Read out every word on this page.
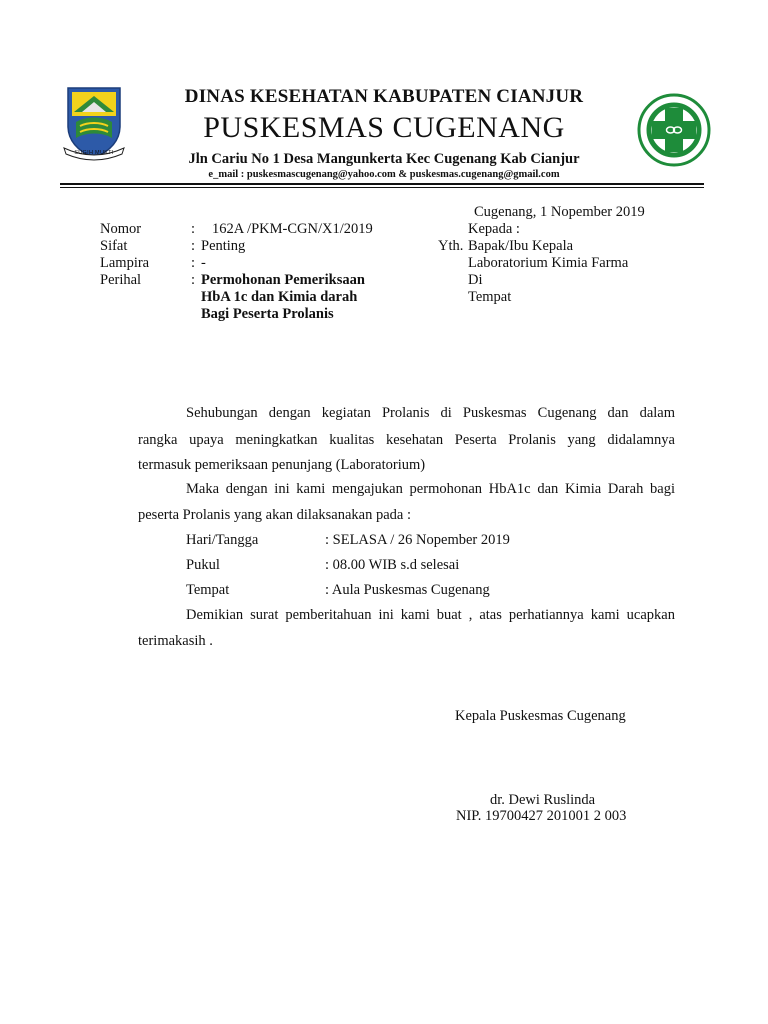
SUGIH MUKTI
DINAS KESEHATAN KABUPATEN CIANJUR
PUSKESMAS CUGENANG
Jln Cariu No 1 Desa Mangunkerta Kec Cugenang Kab Cianjur
e_mail : puskesmascugenang@yahoo.com & puskesmas.cugenang@gmail.com
Cugenang, 1 Nopember 2019
Nomor	: 162A /PKM-CGN/X1/2019
Sifat	: Penting
Lampira	: -
Perihal	: Permohonan Pemeriksaan
HbA 1c dan Kimia darah
Bagi Peserta Prolanis
Kepada :
Yth. Bapak/Ibu Kepala
Laboratorium Kimia Farma
Di
Tempat
Sehubungan dengan kegiatan Prolanis di Puskesmas Cugenang dan dalam
rangka upaya meningkatkan kualitas kesehatan Peserta Prolanis yang didalamnya
termasuk pemeriksaan penunjang (Laboratorium)
Maka dengan ini kami mengajukan permohonan HbA1c dan Kimia Darah bagi
peserta Prolanis yang akan dilaksanakan pada :
Hari/Tangga	: SELASA / 26 Nopember 2019
Pukul	: 08.00 WIB s.d selesai
Tempat	: Aula Puskesmas Cugenang
Demikian surat pemberitahuan ini kami buat , atas perhatiannya kami ucapkan
terimakasih .
Kepala Puskesmas Cugenang
dr. Dewi Ruslinda
NIP. 19700427 201001 2 003
